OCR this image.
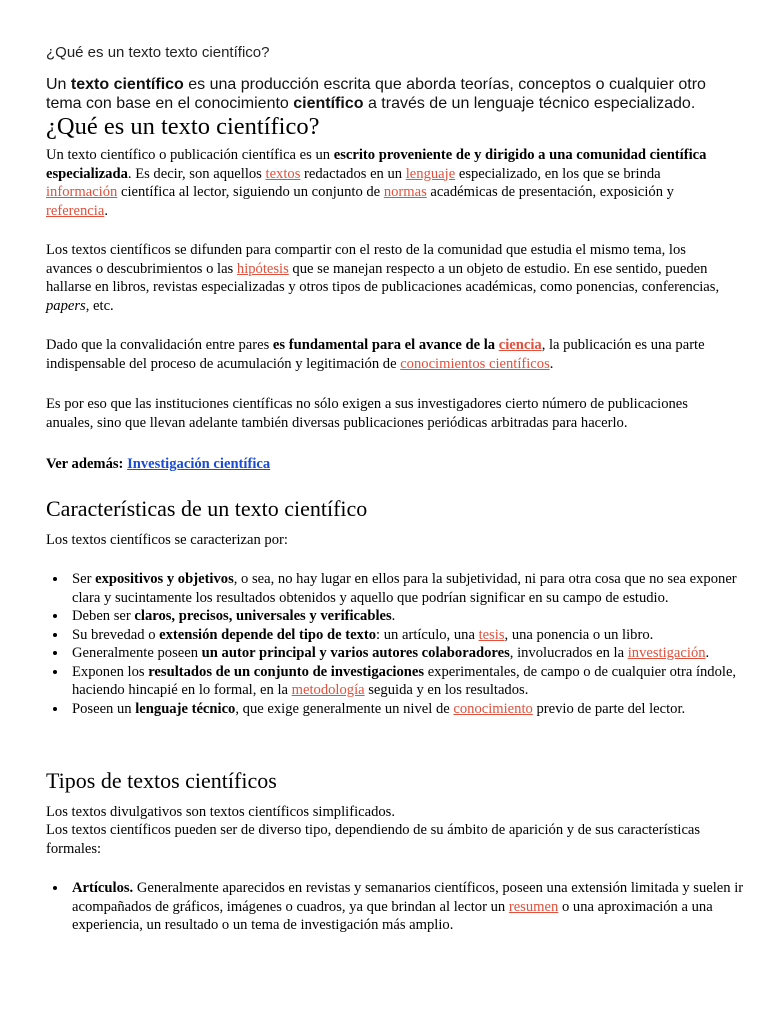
¿Qué es un texto texto científico?
Un texto científico es una producción escrita que aborda teorías, conceptos o cualquier otro tema con base en el conocimiento científico a través de un lenguaje técnico especializado.
¿Qué es un texto científico?

Un texto científico o publicación científica es un escrito proveniente de y dirigido a una comunidad científica especializada. Es decir, son aquellos textos redactados en un lenguaje especializado, en los que se brinda información científica al lector, siguiendo un conjunto de normas académicas de presentación, exposición y referencia.

Los textos científicos se difunden para compartir con el resto de la comunidad que estudia el mismo tema, los avances o descubrimientos o las hipótesis que se manejan respecto a un objeto de estudio. En ese sentido, pueden hallarse en libros, revistas especializadas y otros tipos de publicaciones académicas, como ponencias, conferencias, papers, etc.

Dado que la convalidación entre pares es fundamental para el avance de la ciencia, la publicación es una parte indispensable del proceso de acumulación y legitimación de conocimientos científicos.

Es por eso que las instituciones científicas no sólo exigen a sus investigadores cierto número de publicaciones anuales, sino que llevan adelante también diversas publicaciones periódicas arbitradas para hacerlo.

Ver además: Investigación científica

Características de un texto científico

Los textos científicos se caracterizan por:

• Ser expositivos y objetivos, o sea, no hay lugar en ellos para la subjetividad, ni para otra cosa que no sea exponer clara y sucintamente los resultados obtenidos y aquello que podrían significar en su campo de estudio.
• Deben ser claros, precisos, universales y verificables.
• Su brevedad o extensión depende del tipo de texto: un artículo, una tesis, una ponencia o un libro.
• Generalmente poseen un autor principal y varios autores colaboradores, involucrados en la investigación.
• Exponen los resultados de un conjunto de investigaciones experimentales, de campo o de cualquier otra índole, haciendo hincapié en lo formal, en la metodología seguida y en los resultados.
• Poseen un lenguaje técnico, que exige generalmente un nivel de conocimiento previo de parte del lector.
Tipos de textos científicos

Los textos divulgativos son textos científicos simplificados.

Los textos científicos pueden ser de diverso tipo, dependiendo de su ámbito de aparición y de sus características formales:

• Artículos. Generalmente aparecidos en revistas y semanarios científicos, poseen una extensión limitada y suelen ir acompañados de gráficos, imágenes o cuadros, ya que brindan al lector un resumen o una aproximación a una experiencia, un resultado o un tema de investigación más amplio.
